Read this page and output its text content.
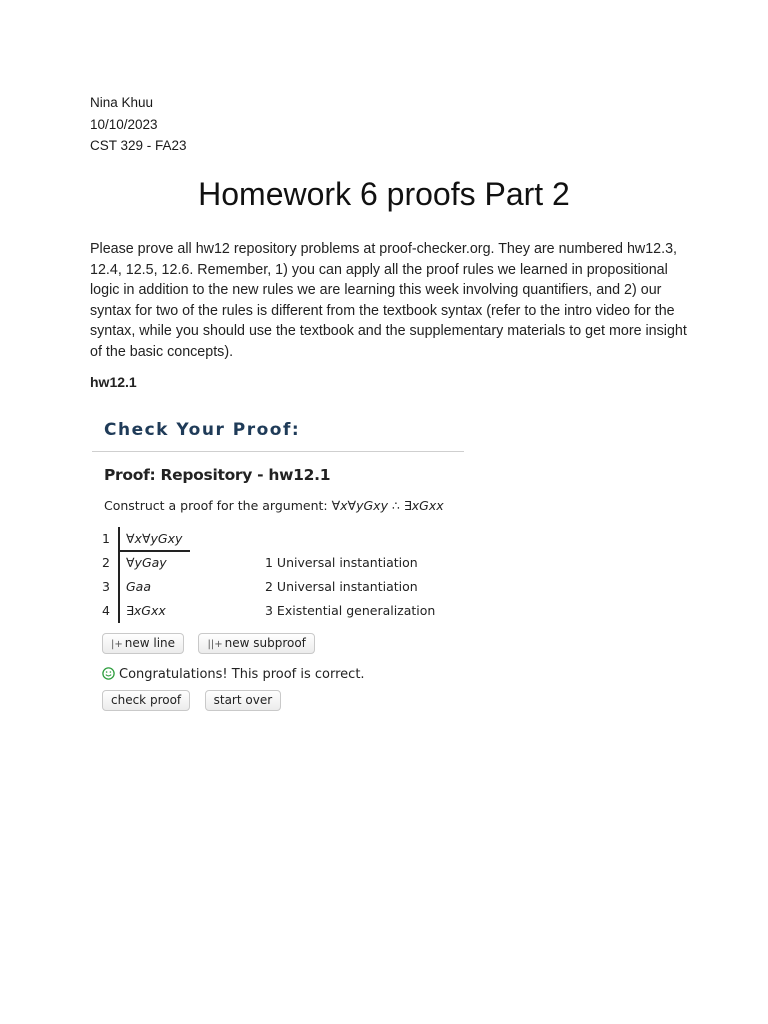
Nina Khuu
10/10/2023
CST 329 - FA23
Homework 6 proofs Part 2

Please prove all hw12 repository problems at proof-checker.org. They are numbered hw12.3, 12.4, 12.5, 12.6. Remember, 1) you can apply all the proof rules we learned in propositional logic in addition to the new rules we are learning this week involving quantifiers, and 2) our syntax for two of the rules is different from the textbook syntax (refer to the intro video for the syntax, while you should use the textbook and the supplementary materials to get more insight of the basic concepts).

hw12.1
Check Your Proof:
Proof: Repository - hw12.1
Construct a proof for the argument: ∀x∀yGxy ∴ ∃xGxx
1	∀x∀yGxy
2	∀yGay	1 Universal instantiation
3	Gaa	2 Universal instantiation
4	∃xGxx	3 Existential generalization
|+ new line	||+ new subproof
Congratulations! This proof is correct.
check proof	start over
